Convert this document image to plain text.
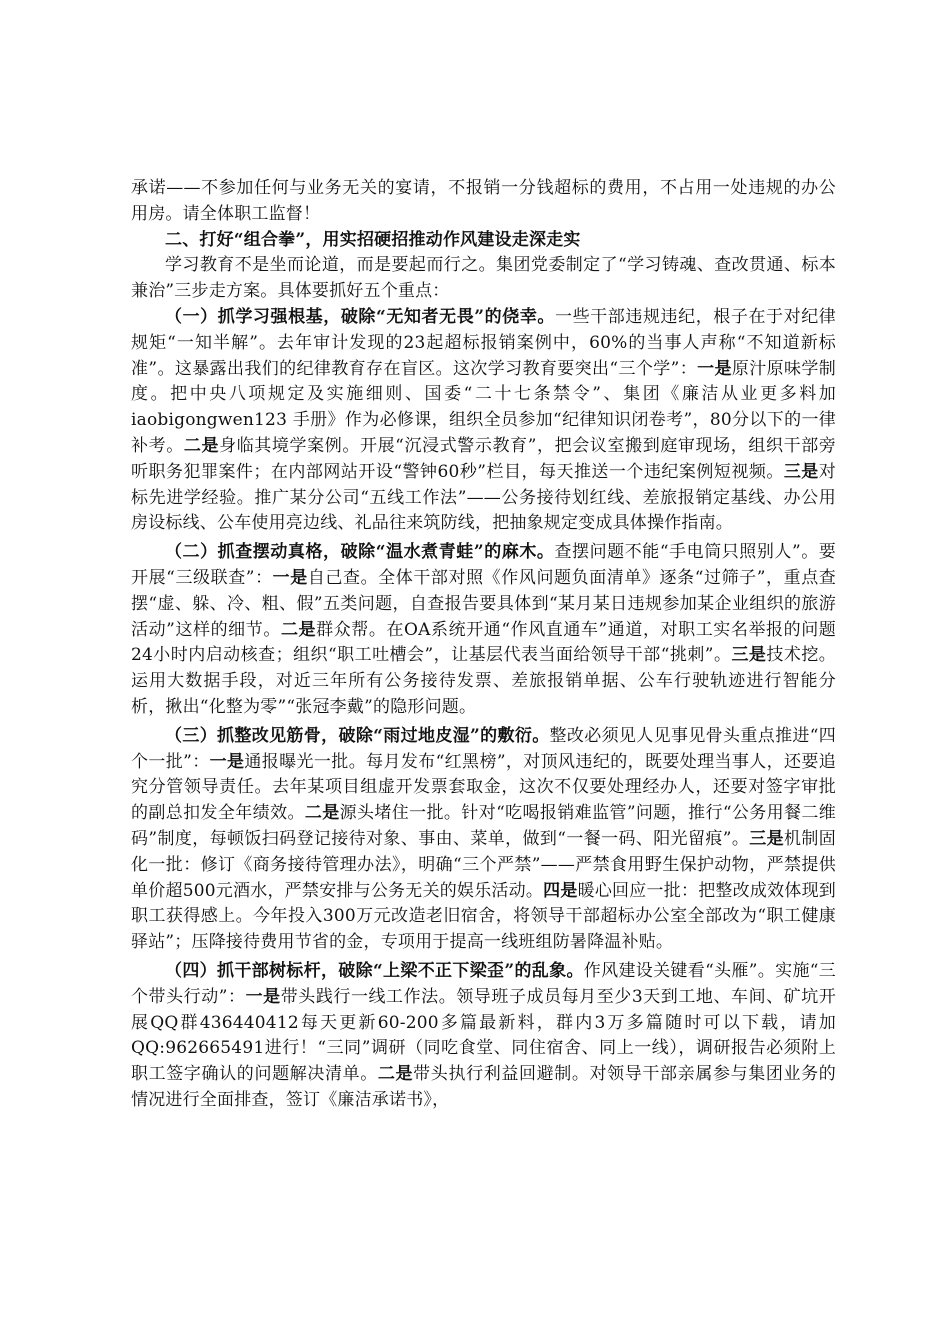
承诺——不参加任何与业务无关的宴请，不报销一分钱超标的费用，不占用一处违规的办公用房。请全体职工监督！

二、打好“组合拳”，用实招硬招推动作风建设走深走实

学习教育不是坐而论道，而是要起而行之。集团党委制定了“学习铸魂、查改贯通、标本兼治”三步走方案。具体要抓好五个重点：

（一）抓学习强根基，破除“无知者无畏”的侥幸。一些干部违规违纪，根子在于对纪律规矩“一知半解”。去年审计发现的23起超标报销案例中，60%的当事人声称“不知道新标准”。这暴露出我们的纪律教育存在盲区。这次学习教育要突出“三个学”：一是原汁原味学制度。把中央八项规定及实施细则、国委“二十七条禁令”、集团《廉洁从业更多料加 iaobigongwen123 手册》作为必修课，组织全员参加“纪律知识闭卷考”，80分以下的一律补考。二是身临其境学案例。开展“沉浸式警示教育”，把会议室搬到庭审现场，组织干部旁听职务犯罪案件；在内部网站开设“警钟60秒”栏目，每天推送一个违纪案例短视频。三是对标先进学经验。推广某分公司“五线工作法”——公务接待划红线、差旅报销定基线、办公用房设标线、公车使用亮边线、礼品往来筑防线，把抽象规定变成具体操作指南。

（二）抓查摆动真格，破除“温水煮青蛙”的麻木。查摆问题不能“手电筒只照别人”。要开展“三级联查”：一是自己查。全体干部对照《作风问题负面清单》逐条“过筛子”，重点查摆“虚、躲、冷、粗、假”五类问题，自查报告要具体到“某月某日违规参加某企业组织的旅游活动”这样的细节。二是群众帮。在OA系统开通“作风直通车”通道，对职工实名举报的问题24小时内启动核查；组织“职工吐槽会”，让基层代表当面给领导干部“挑刺”。三是技术挖。运用大数据手段，对近三年所有公务接待发票、差旅报销单据、公车行驶轨迹进行智能分析，揪出“化整为零”“张冠李戴”的隐形问题。

（三）抓整改见筋骨，破除“雨过地皮湿”的敷衍。整改必须见人见事见骨头重点推进“四个一批”：一是通报曝光一批。每月发布“红黑榜”，对顶风违纪的，既要处理当事人，还要追究分管领导责任。去年某项目组虚开发票套取金，这次不仅要处理经办人，还要对签字审批的副总扣发全年绩效。二是源头堵住一批。针对“吃喝报销难监管”问题，推行“公务用餐二维码”制度，每顿饭扫码登记接待对象、事由、菜单，做到“一餐一码、阳光留痕”。三是机制固化一批：修订《商务接待管理办法》，明确“三个严禁”——严禁食用野生保护动物，严禁提供单价超500元酒水，严禁安排与公务无关的娱乐活动。四是暖心回应一批：把整改成效体现到职工获得感上。今年投入300万元改造老旧宿舍，将领导干部超标办公室全部改为“职工健康驿站”；压降接待费用节省的金，专项用于提高一线班组防暑降温补贴。

（四）抓干部树标杆，破除“上梁不正下梁歪”的乱象。作风建设关键看“头雁”。实施“三个带头行动”：一是带头践行一线工作法。领导班子成员每月至少3天到工地、车间、矿坑开展QQ群436440412每天更新60-200多篇最新料，群内3万多篇随时可以下载，请加QQ:962665491进行！“三同”调研（同吃食堂、同住宿舍、同上一线），调研报告必须附上职工签字确认的问题解决清单。二是带头执行利益回避制。对领导干部亲属参与集团业务的情况进行全面排查，签订《廉洁承诺书》，
